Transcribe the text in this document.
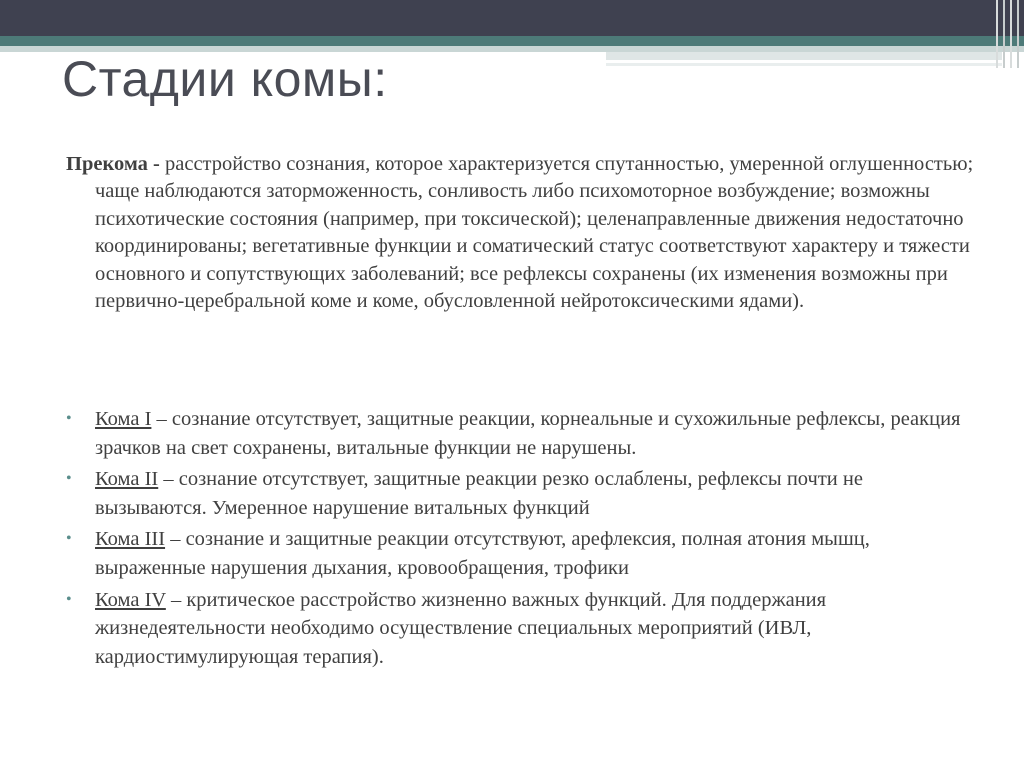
Стадии комы:

Прекома - расстройство сознания, которое характеризуется спутанностью, умеренной оглушенностью; чаще наблюдаются заторможенность, сонливость либо психомоторное возбуждение; возможны психотические состояния (например, при токсической); целенаправленные движения недостаточно координированы; вегетативные функции и соматический статус соответствуют характеру и тяжести основного и сопутствующих заболеваний; все рефлексы сохранены (их изменения возможны при первично-церебральной коме и коме, обусловленной нейротоксическими ядами).

• Кома I – сознание отсутствует, защитные реакции, корнеальные и сухожильные рефлексы, реакция зрачков на свет сохранены, витальные функции не нарушены.
• Кома II – сознание отсутствует, защитные реакции резко ослаблены, рефлексы почти не вызываются. Умеренное нарушение витальных функций
• Кома III – сознание и защитные реакции отсутствуют, арефлексия, полная атония мышц, выраженные нарушения дыхания, кровообращения, трофики
• Кома IV – критическое расстройство жизненно важных функций. Для поддержания жизнедеятельности необходимо осуществление специальных мероприятий (ИВЛ, кардиостимулирующая терапия).
